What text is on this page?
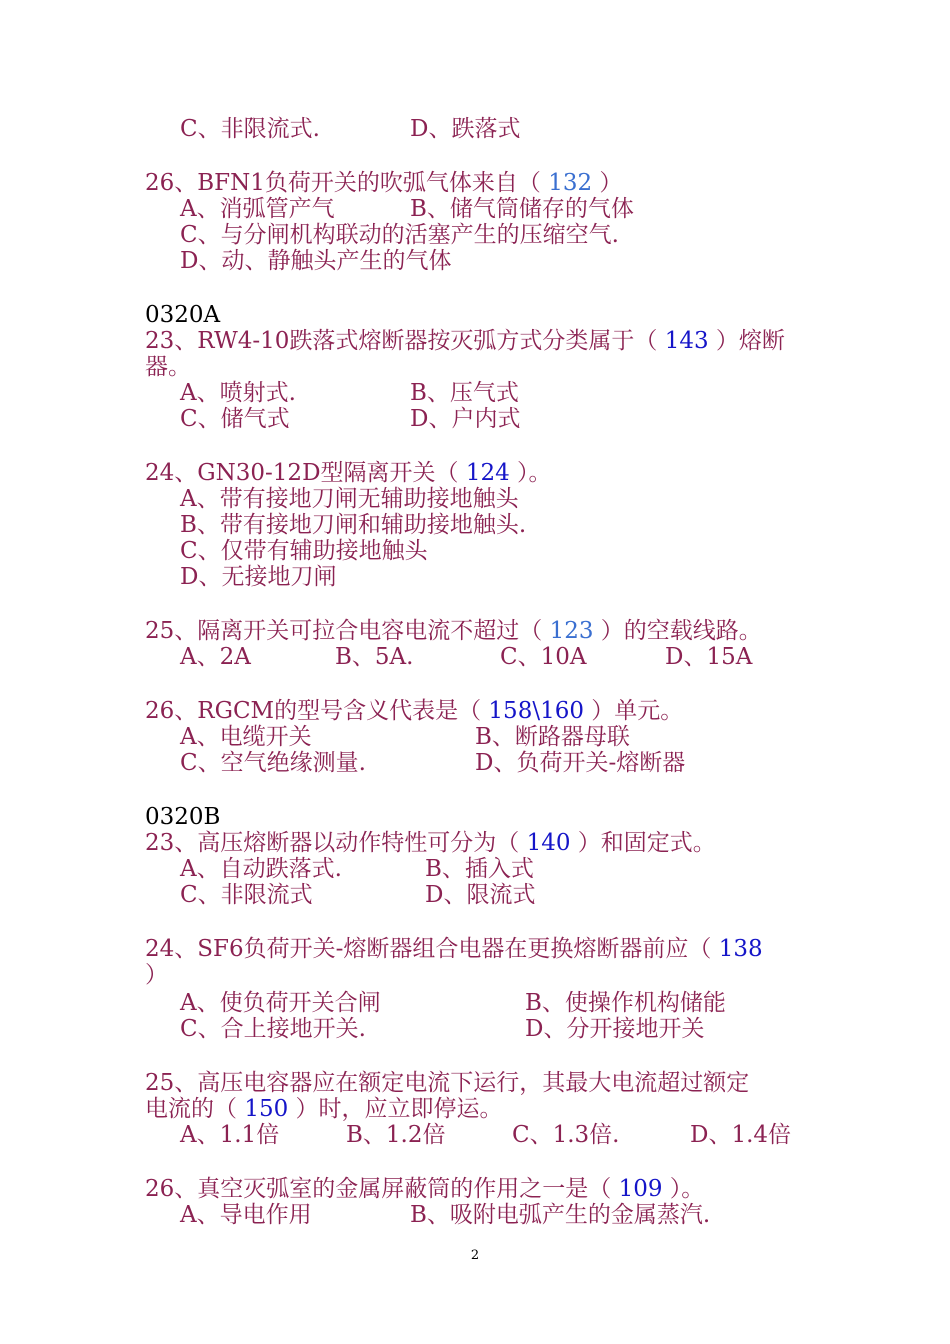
C、非限流式.	D、跌落式
26、BFN1负荷开关的吹弧气体来自（ 132 ）
A、消弧管产气	B、储气筒储存的气体
C、与分闸机构联动的活塞产生的压缩空气.
D、动、静触头产生的气体
0320A
23、RW4-10跌落式熔断器按灭弧方式分类属于（ 143 ）熔断
器。
A、喷射式.	B、压气式
C、储气式	D、户内式
24、GN30-12D型隔离开关（ 124 ）。
A、带有接地刀闸无辅助接地触头
B、带有接地刀闸和辅助接地触头.
C、仅带有辅助接地触头
D、无接地刀闸
25、隔离开关可拉合电容电流不超过（ 123 ）的空载线路。
A、2A	B、5A.	C、10A	D、15A
26、RGCM的型号含义代表是（ 158\160 ）单元。
A、电缆开关	B、断路器母联
C、空气绝缘测量.	D、负荷开关-熔断器
0320B
23、高压熔断器以动作特性可分为（ 140 ）和固定式。
A、自动跌落式.	B、插入式
C、非限流式	D、限流式
24、SF6负荷开关-熔断器组合电器在更换熔断器前应（ 138
）
A、使负荷开关合闸	B、使操作机构储能
C、合上接地开关.	D、分开接地开关
25、高压电容器应在额定电流下运行，其最大电流超过额定
电流的（ 150 ）时，应立即停运。
A、1.1倍	B、1.2倍	C、1.3倍.	D、1.4倍
26、真空灭弧室的金属屏蔽筒的作用之一是（ 109 ）。
A、导电作用	B、吸附电弧产生的金属蒸汽.
2
